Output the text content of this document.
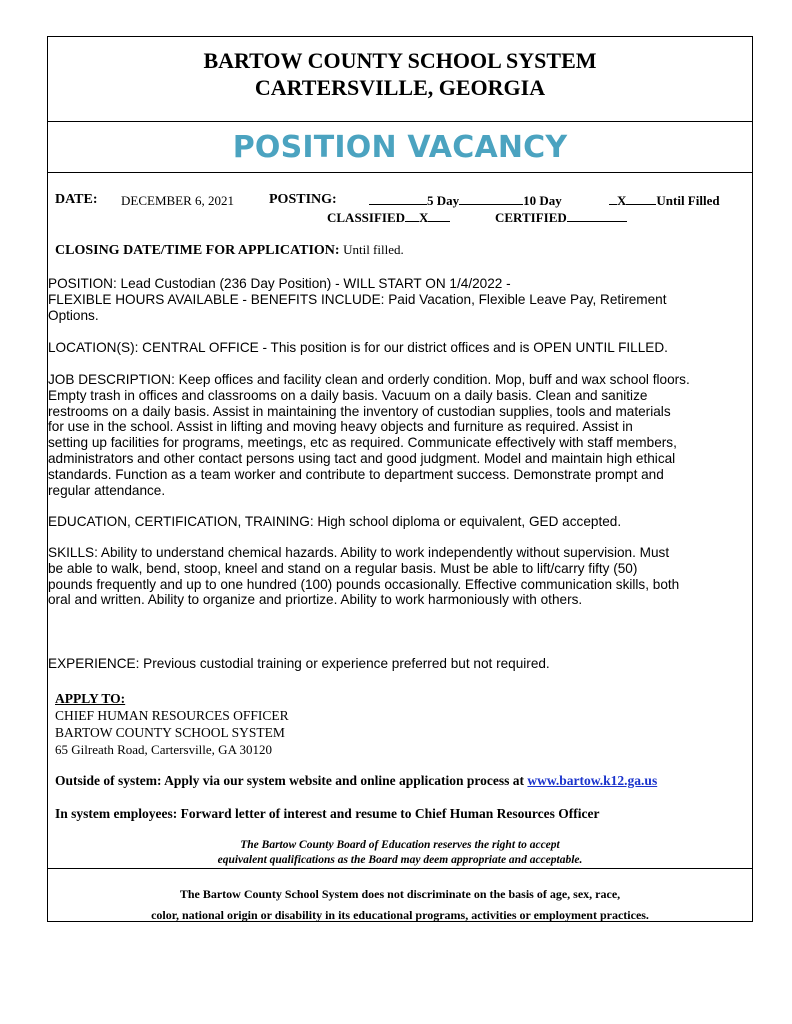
BARTOW COUNTY SCHOOL SYSTEM
CARTERSVILLE, GEORGIA
POSITION VACANCY
DATE: DECEMBER 6, 2021 POSTING:	5 Day	10 Day	X Until Filled
CLASSIFIED X	CERTIFIED
CLOSING DATE/TIME FOR APPLICATION: Until filled.
POSITION: Lead Custodian (236 Day Position) - WILL START ON 1/4/2022 -
FLEXIBLE HOURS AVAILABLE - BENEFITS INCLUDE: Paid Vacation, Flexible Leave Pay, Retirement
Options.
LOCATION(S): CENTRAL OFFICE - This position is for our district offices and is OPEN UNTIL FILLED.
JOB DESCRIPTION: Keep offices and facility clean and orderly condition. Mop, buff and wax school floors.
Empty trash in offices and classrooms on a daily basis. Vacuum on a daily basis. Clean and sanitize
restrooms on a daily basis. Assist in maintaining the inventory of custodian supplies, tools and materials
for use in the school. Assist in lifting and moving heavy objects and furniture as required. Assist in
setting up facilities for programs, meetings, etc as required. Communicate effectively with staff members,
administrators and other contact persons using tact and good judgment. Model and maintain high ethical
standards. Function as a team worker and contribute to department success. Demonstrate prompt and
regular attendance.
EDUCATION, CERTIFICATION, TRAINING: High school diploma or equivalent, GED accepted.
SKILLS: Ability to understand chemical hazards. Ability to work independently without supervision. Must
be able to walk, bend, stoop, kneel and stand on a regular basis. Must be able to lift/carry fifty (50)
pounds frequently and up to one hundred (100) pounds occasionally. Effective communication skills, both
oral and written. Ability to organize and priortize. Ability to work harmoniously with others.
EXPERIENCE: Previous custodial training or experience preferred but not required.
APPLY TO:
CHIEF HUMAN RESOURCES OFFICER
BARTOW COUNTY SCHOOL SYSTEM
65 Gilreath Road, Cartersville, GA 30120
Outside of system: Apply via our system website and online application process at www.bartow.k12.ga.us
In system employees: Forward letter of interest and resume to Chief Human Resources Officer
The Bartow County Board of Education reserves the right to accept
equivalent qualifications as the Board may deem appropriate and acceptable.
The Bartow County School System does not discriminate on the basis of age, sex, race,
color, national origin or disability in its educational programs, activities or employment practices.
